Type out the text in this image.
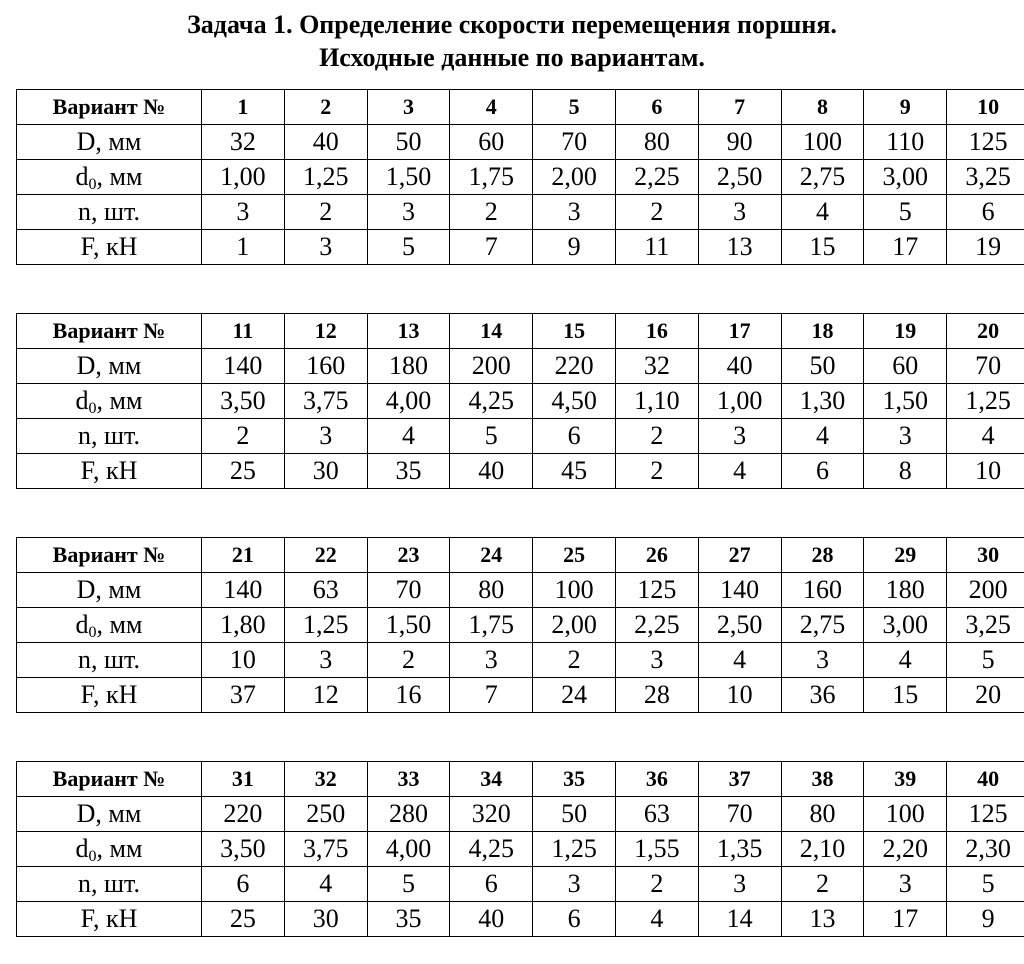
Задача 1. Определение скорости перемещения поршня.
Исходные данные по вариантам.
Вариант №	1	2	3	4	5	6	7	8	9	10
D, мм	32	40	50	60	70	80	90	100	110	125
$d_0$, мм	1,00	1,25	1,50	1,75	2,00	2,25	2,50	2,75	3,00	3,25
n, шт.	3	2	3	2	3	2	3	4	5	6
F, кН	1	3	5	7	9	11	13	15	17	19
Вариант №	11	12	13	14	15	16	17	18	19	20
D, мм	140	160	180	200	220	32	40	50	60	70
$d_0$, мм	3,50	3,75	4,00	4,25	4,50	1,10	1,00	1,30	1,50	1,25
n, шт.	2	3	4	5	6	2	3	4	3	4
F, кН	25	30	35	40	45	2	4	6	8	10
Вариант №	21	22	23	24	25	26	27	28	29	30
D, мм	140	63	70	80	100	125	140	160	180	200
$d_0$, мм	1,80	1,25	1,50	1,75	2,00	2,25	2,50	2,75	3,00	3,25
n, шт.	10	3	2	3	2	3	4	3	4	5
F, кН	37	12	16	7	24	28	10	36	15	20
Вариант №	31	32	33	34	35	36	37	38	39	40
D, мм	220	250	280	320	50	63	70	80	100	125
$d_0$, мм	3,50	3,75	4,00	4,25	1,25	1,55	1,35	2,10	2,20	2,30
n, шт.	6	4	5	6	3	2	3	2	3	5
F, кН	25	30	35	40	6	4	14	13	17	9
